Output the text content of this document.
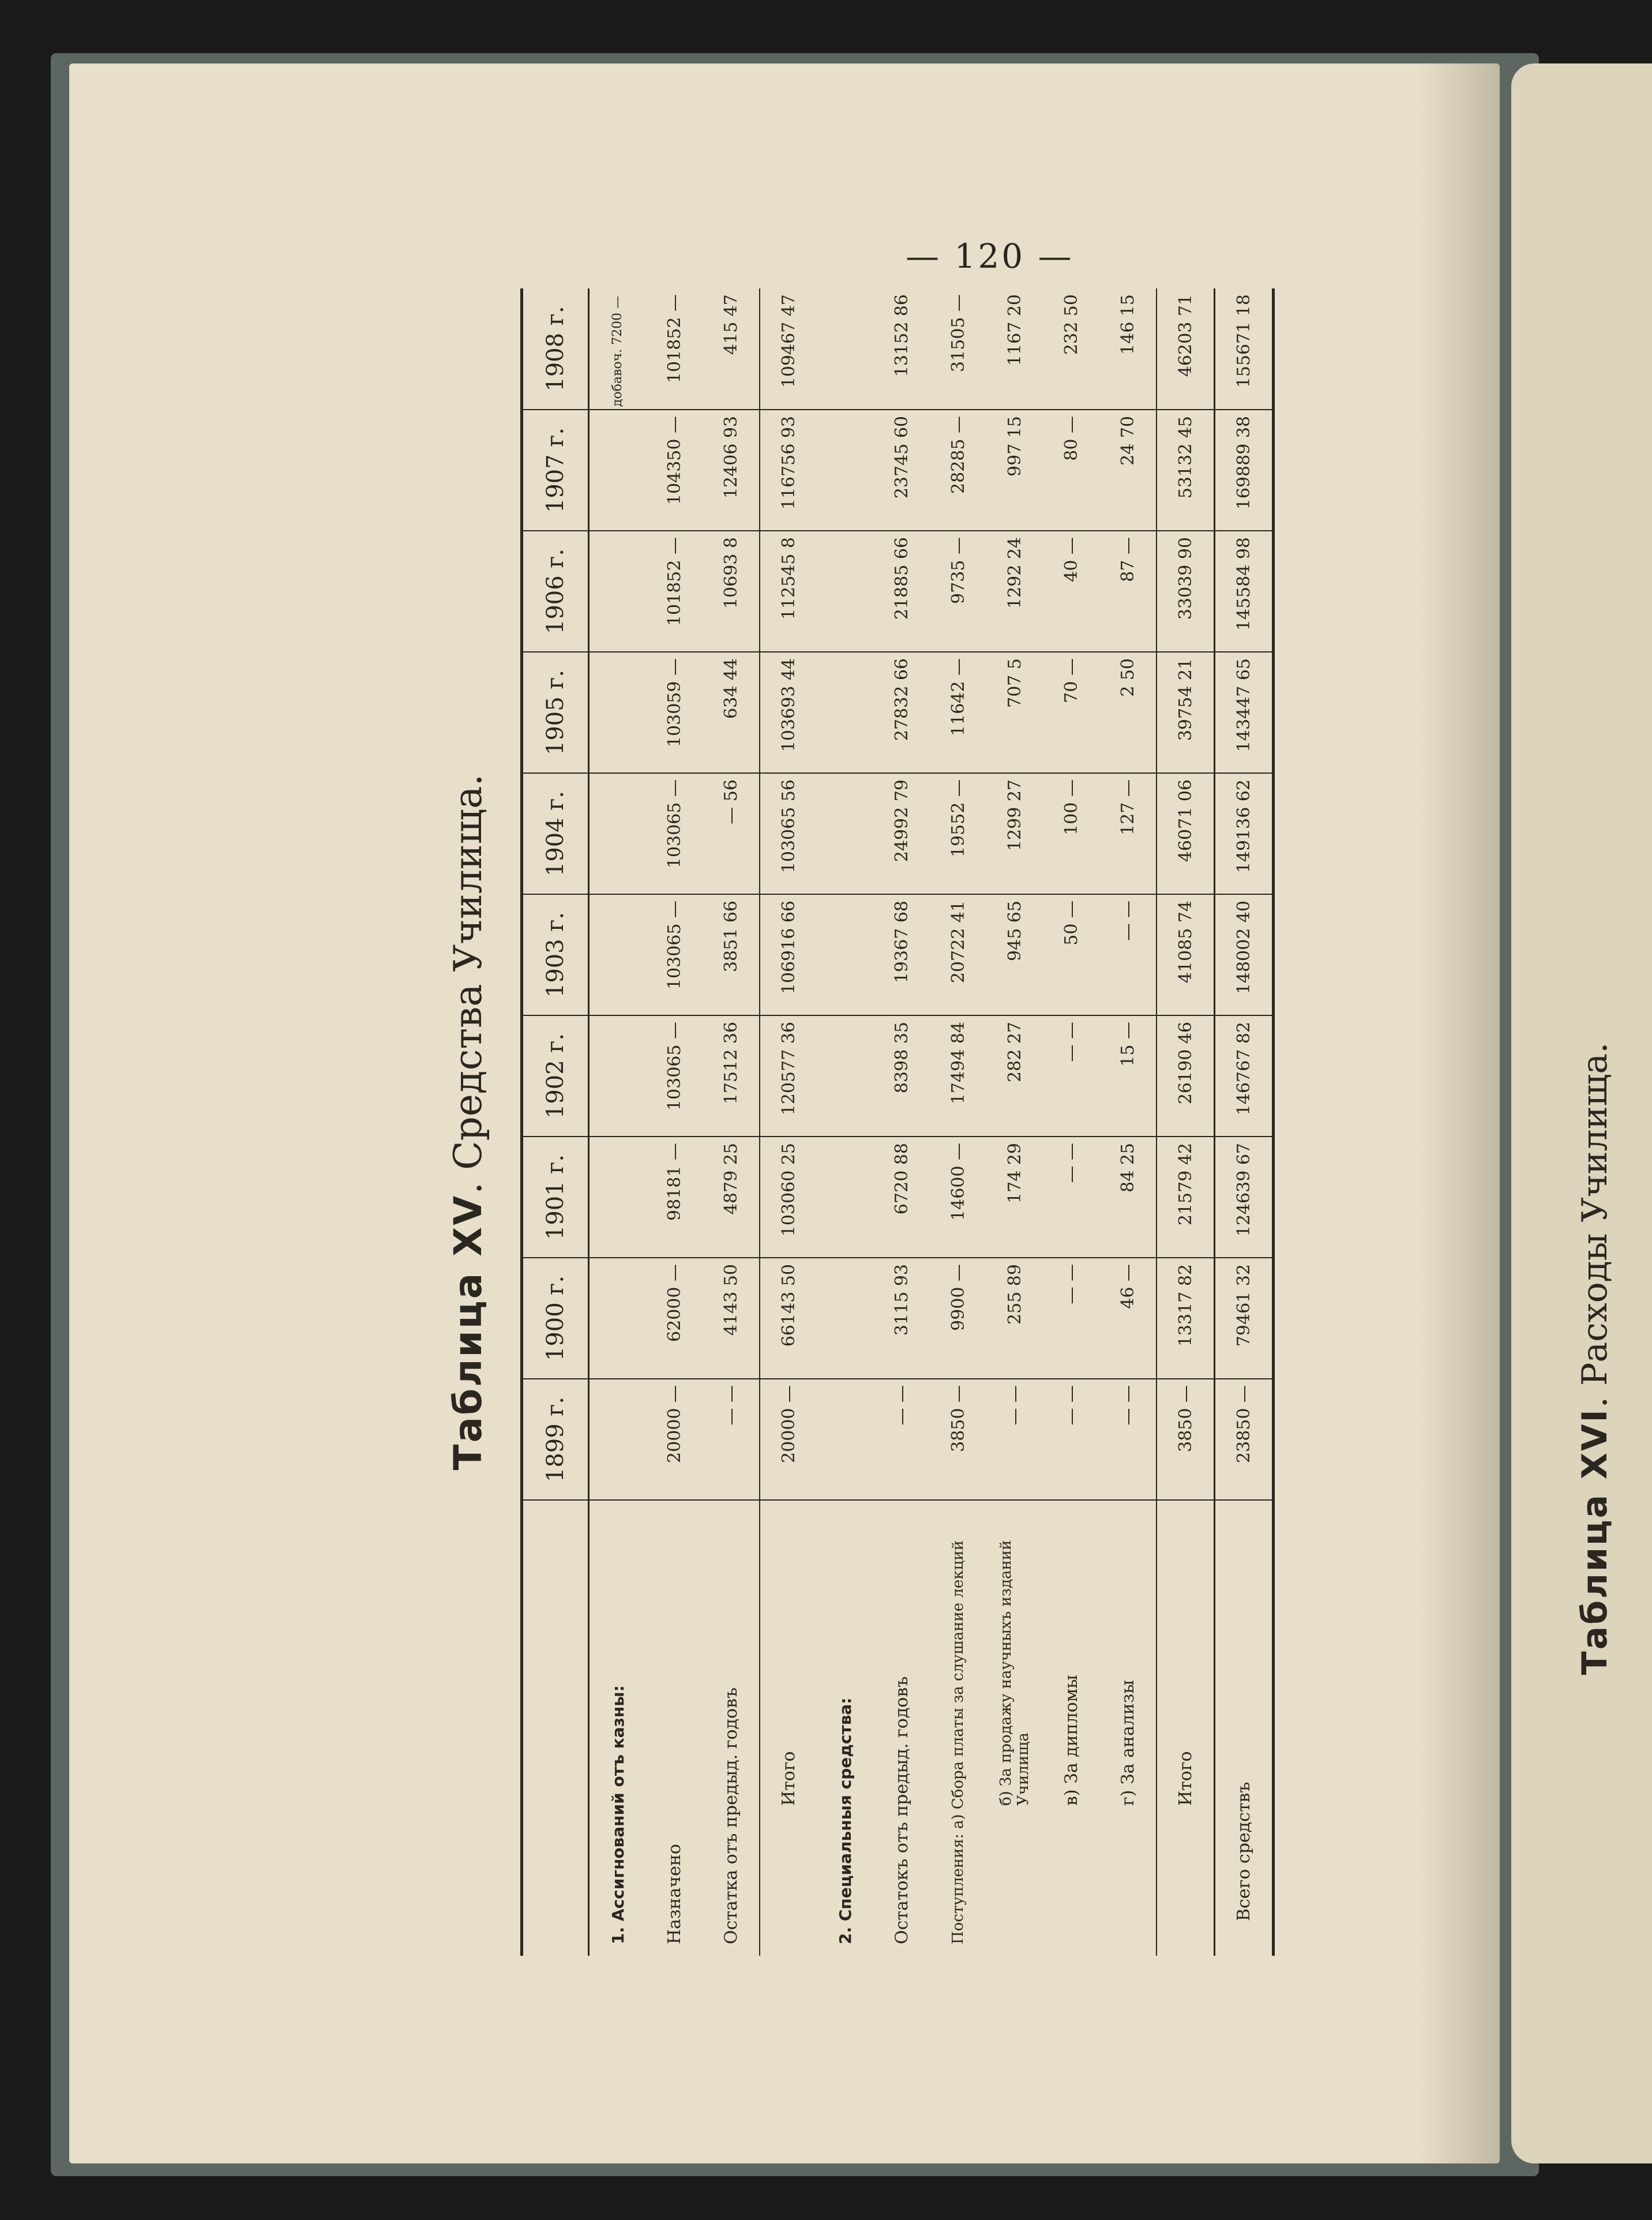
— 120 —
Таблица XV. Средства Училища.
	1899 г.	1900 г.	1901 г.	1902 г.	1903 г.	1904 г.	1905 г.	1906 г.	1907 г.	1908 г.
1. Ассигнований отъ казны:										добавоч. 7200 —
Назначено	20000 —	62000 —	98181 —	103065 —	103065 —	103065 —	103059 —	101852 —	104350 —	101852 —
Остатка отъ предыд. годовъ	— —	4143 50	4879 25	17512 36	3851 66	— 56	634 44	10693 8	12406 93	415 47
Итого	20000 —	66143 50	103060 25	120577 36	106916 66	103065 56	103693 44	112545 8	116756 93	109467 47
2. Специальныя средства:										
Остатокъ отъ предыд. годовъ	— —	3115 93	6720 88	8398 35	19367 68	24992 79	27832 66	21885 66	23745 60	13152 86
Поступления: а) Сбора платы за слушание лекций	3850 —	9900 —	14600 —	17494 84	20722 41	19552 —	11642 —	9735 —	28285 —	31505 —
б) За продажу научныхъ изданий Училища	— —	255 89	174 29	282 27	945 65	1299 27	707 5	1292 24	997 15	1167 20
в) За дипломы	— —	— —	— —	— —	50 —	100 —	70 —	40 —	80 —	232 50
г) За анализы	— —	46 —	84 25	15 —	— —	127 —	2 50	87 —	24 70	146 15
Итого	3850 —	13317 82	21579 42	26190 46	41085 74	46071 06	39754 21	33039 90	53132 45	46203 71
Всего средствъ	23850 —	79461 32	124639 67	146767 82	148002 40	149136 62	143447 65	145584 98	169889 38	155671 18
Таблица XVI. Расходы Училища.
